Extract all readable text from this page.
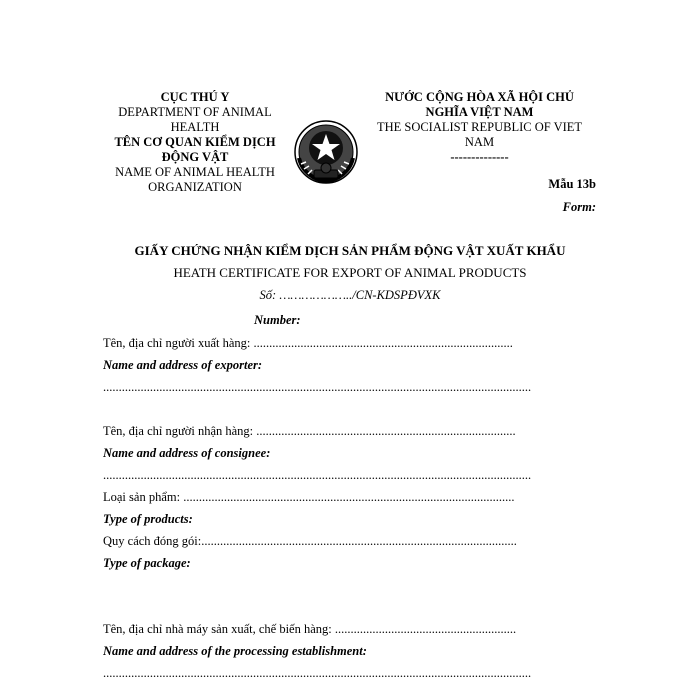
CỤC THÚ Y
DEPARTMENT OF ANIMAL
HEALTH
TÊN CƠ QUAN KIỂM DỊCH
ĐỘNG VẬT
NAME OF ANIMAL HEALTH
ORGANIZATION
NƯỚC CỘNG HÒA XÃ HỘI CHỦ
NGHĨA VIỆT NAM
THE SOCIALIST REPUBLIC OF VIET
NAM
--------------
Mẫu 13b
Form:
GIẤY CHỨNG NHẬN KIỂM DỊCH SẢN PHẨM ĐỘNG VẬT XUẤT KHẨU
HEATH CERTIFICATE FOR EXPORT OF ANIMAL PRODUCTS
Số: ………………../CN-KDSPĐVXK
Number:
Tên, địa chỉ người xuất hàng: ...................................................................................
Name and address of exporter:
.........................................................................................................................................
Tên, địa chỉ người nhận hàng: ...................................................................................
Name and address of consignee:
.........................................................................................................................................
Loại sản phẩm: ..........................................................................................................
Type of products:
Quy cách đóng gói:.....................................................................................................
Type of package:
Tên, địa chỉ nhà máy sản xuất, chế biến hàng: ..........................................................
Name and address of the processing establishment:
.........................................................................................................................................
